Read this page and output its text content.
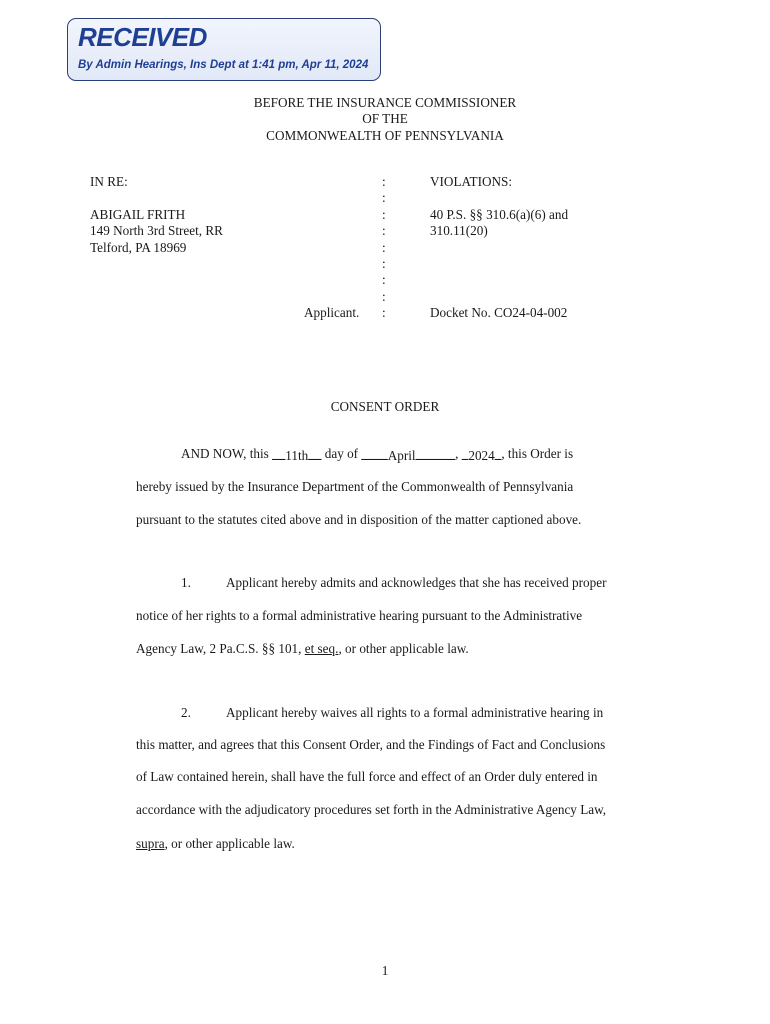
RECEIVED
By Admin Hearings, Ins Dept at 1:41 pm, Apr 11, 2024
BEFORE THE INSURANCE COMMISSIONER
OF THE
COMMONWEALTH OF PENNSYLVANIA
IN RE:
ABIGAIL FRITH
149 North 3rd Street, RR
Telford, PA 18969
Applicant.
:
:
:
:
:
:
:
:
:
VIOLATIONS:
40 P.S. §§ 310.6(a)(6) and
310.11(20)
Docket No. CO24-04-002
CONSENT ORDER
AND NOW, this __11th__ day of ____April______, _2024_, this Order is
hereby issued by the Insurance Department of the Commonwealth of Pennsylvania
pursuant to the statutes cited above and in disposition of the matter captioned above.
1.	Applicant hereby admits and acknowledges that she has received proper
notice of her rights to a formal administrative hearing pursuant to the Administrative
Agency Law, 2 Pa.C.S. §§ 101, et seq., or other applicable law.
2.	Applicant hereby waives all rights to a formal administrative hearing in
this matter, and agrees that this Consent Order, and the Findings of Fact and Conclusions
of Law contained herein, shall have the full force and effect of an Order duly entered in
accordance with the adjudicatory procedures set forth in the Administrative Agency Law,
supra, or other applicable law.
1
